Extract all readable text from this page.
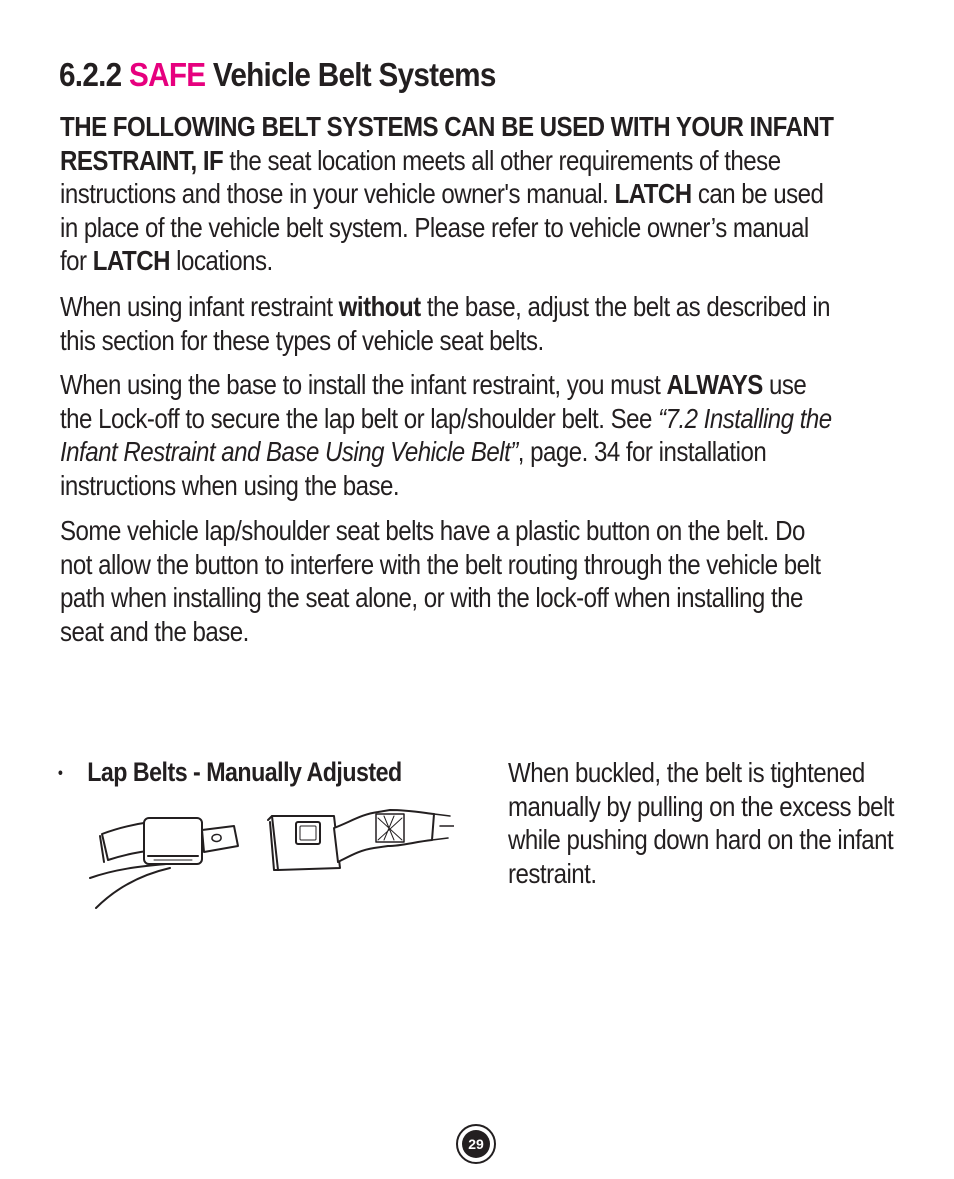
6.2.2 SAFE Vehicle Belt Systems

THE FOLLOWING BELT SYSTEMS CAN BE USED WITH YOUR INFANT RESTRAINT, IF the seat location meets all other requirements of these instructions and those in your vehicle owner's manual. LATCH can be used in place of the vehicle belt system. Please refer to vehicle owner’s manual for LATCH locations.

When using infant restraint without the base, adjust the belt as described in this section for these types of vehicle seat belts.

When using the base to install the infant restraint, you must ALWAYS use the Lock-off to secure the lap belt or lap/shoulder belt. See “7.2 Installing the Infant Restraint and Base Using Vehicle Belt”, page. 34 for installation instructions when using the base.

Some vehicle lap/shoulder seat belts have a plastic button on the belt. Do not allow the button to interfere with the belt routing through the vehicle belt path when installing the seat alone, or with the lock-off when installing the seat and the base.

• Lap Belts - Manually Adjusted	When buckled, the belt is tightened manually by pulling on the excess belt while pushing down hard on the infant restraint.

29
